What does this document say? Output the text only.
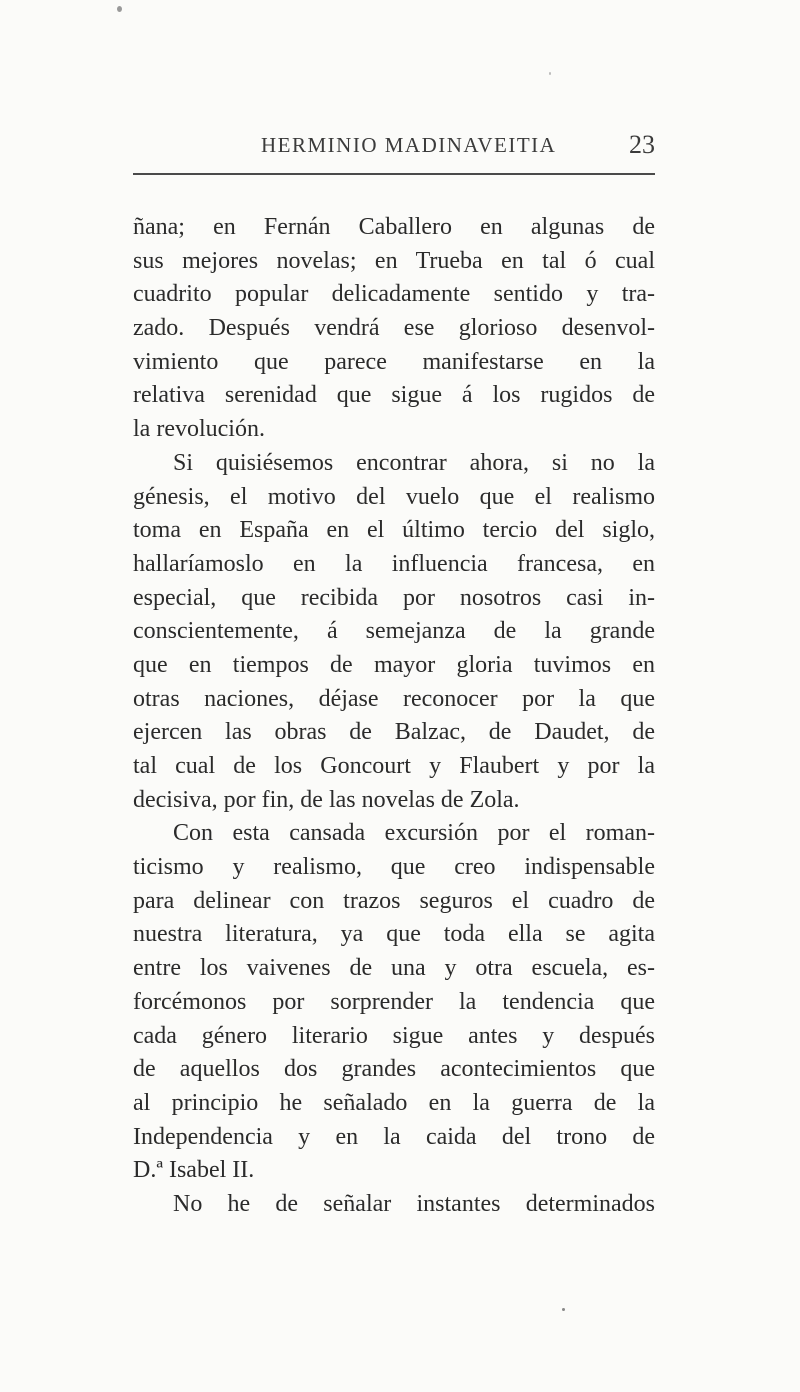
HERMINIO MADINAVEITIA	23
ñana; en Fernán Caballero en algunas de
sus mejores novelas; en Trueba en tal ó cual
cuadrito popular delicadamente sentido y tra-
zado. Después vendrá ese glorioso desenvol-
vimiento que parece manifestarse en la
relativa serenidad que sigue á los rugidos de
la revolución.
Si quisiésemos encontrar ahora, si no la
génesis, el motivo del vuelo que el realismo
toma en España en el último tercio del siglo,
hallaríamoslo en la influencia francesa, en
especial, que recibida por nosotros casi in-
conscientemente, á semejanza de la grande
que en tiempos de mayor gloria tuvimos en
otras naciones, déjase reconocer por la que
ejercen las obras de Balzac, de Daudet, de
tal cual de los Goncourt y Flaubert y por la
decisiva, por fin, de las novelas de Zola.
Con esta cansada excursión por el roman-
ticismo y realismo, que creo indispensable
para delinear con trazos seguros el cuadro de
nuestra literatura, ya que toda ella se agita
entre los vaivenes de una y otra escuela, es-
forcémonos por sorprender la tendencia que
cada género literario sigue antes y después
de aquellos dos grandes acontecimientos que
al principio he señalado en la guerra de la
Independencia y en la caida del trono de
D.ª Isabel II.
No he de señalar instantes determinados
